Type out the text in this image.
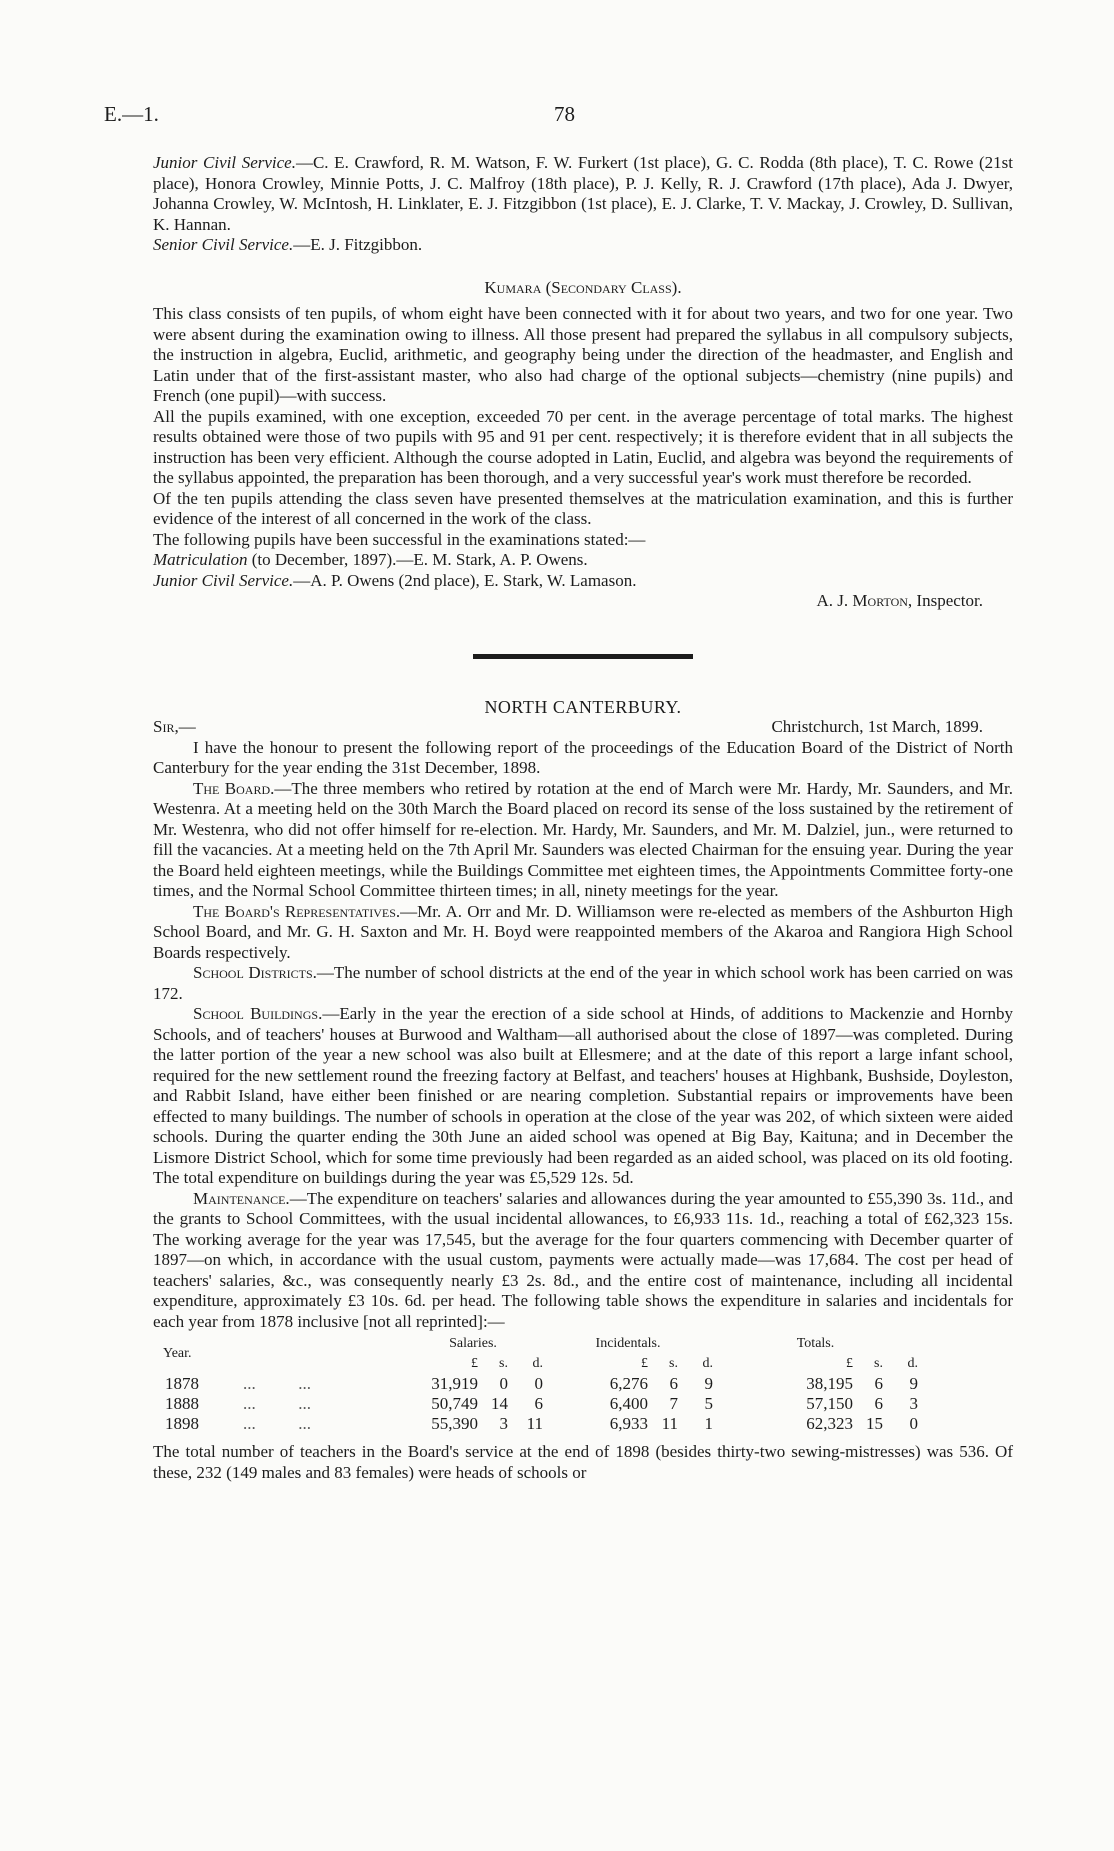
E.—1.	78

Junior Civil Service.—C. E. Crawford, R. M. Watson, F. W. Furkert (1st place), G. C. Rodda (8th place), T. C. Rowe (21st place), Honora Crowley, Minnie Potts, J. C. Malfroy (18th place), P. J. Kelly, R. J. Crawford (17th place), Ada J. Dwyer, Johanna Crowley, W. McIntosh, H. Linklater, E. J. Fitzgibbon (1st place), E. J. Clarke, T. V. Mackay, J. Crowley, D. Sullivan, K. Hannan.

Senior Civil Service.—E. J. Fitzgibbon.

Kumara (Secondary Class).

This class consists of ten pupils, of whom eight have been connected with it for about two years, and two for one year. Two were absent during the examination owing to illness. All those present had prepared the syllabus in all compulsory subjects, the instruction in algebra, Euclid, arithmetic, and geography being under the direction of the headmaster, and English and Latin under that of the first-assistant master, who also had charge of the optional subjects—chemistry (nine pupils) and French (one pupil)—with success.

All the pupils examined, with one exception, exceeded 70 per cent. in the average percentage of total marks. The highest results obtained were those of two pupils with 95 and 91 per cent. respectively; it is therefore evident that in all subjects the instruction has been very efficient. Although the course adopted in Latin, Euclid, and algebra was beyond the requirements of the syllabus appointed, the preparation has been thorough, and a very successful year's work must therefore be recorded.

Of the ten pupils attending the class seven have presented themselves at the matriculation examination, and this is further evidence of the interest of all concerned in the work of the class.

The following pupils have been successful in the examinations stated:—

Matriculation (to December, 1897).—E. M. Stark, A. P. Owens.

Junior Civil Service.—A. P. Owens (2nd place), E. Stark, W. Lamason.

A. J. Morton, Inspector.

NORTH CANTERBURY.

Sir,—	Christchurch, 1st March, 1899.

I have the honour to present the following report of the proceedings of the Education Board of the District of North Canterbury for the year ending the 31st December, 1898.

The Board.—The three members who retired by rotation at the end of March were Mr. Hardy, Mr. Saunders, and Mr. Westenra. At a meeting held on the 30th March the Board placed on record its sense of the loss sustained by the retirement of Mr. Westenra, who did not offer himself for re-election. Mr. Hardy, Mr. Saunders, and Mr. M. Dalziel, jun., were returned to fill the vacancies. At a meeting held on the 7th April Mr. Saunders was elected Chairman for the ensuing year. During the year the Board held eighteen meetings, while the Buildings Committee met eighteen times, the Appointments Committee forty-one times, and the Normal School Committee thirteen times; in all, ninety meetings for the year.

The Board's Representatives.—Mr. A. Orr and Mr. D. Williamson were re-elected as members of the Ashburton High School Board, and Mr. G. H. Saxton and Mr. H. Boyd were reappointed members of the Akaroa and Rangiora High School Boards respectively.

School Districts.—The number of school districts at the end of the year in which school work has been carried on was 172.

School Buildings.—Early in the year the erection of a side school at Hinds, of additions to Mackenzie and Hornby Schools, and of teachers' houses at Burwood and Waltham—all authorised about the close of 1897—was completed. During the latter portion of the year a new school was also built at Ellesmere; and at the date of this report a large infant school, required for the new settlement round the freezing factory at Belfast, and teachers' houses at Highbank, Bushside, Doyleston, and Rabbit Island, have either been finished or are nearing completion. Substantial repairs or improvements have been effected to many buildings. The number of schools in operation at the close of the year was 202, of which sixteen were aided schools. During the quarter ending the 30th June an aided school was opened at Big Bay, Kaituna; and in December the Lismore District School, which for some time previously had been regarded as an aided school, was placed on its old footing. The total expenditure on buildings during the year was £5,529 12s. 5d.

Maintenance.—The expenditure on teachers' salaries and allowances during the year amounted to £55,390 3s. 11d., and the grants to School Committees, with the usual incidental allowances, to £6,933 11s. 1d., reaching a total of £62,323 15s. The working average for the year was 17,545, but the average for the four quarters commencing with December quarter of 1897—on which, in accordance with the usual custom, payments were actually made—was 17,684. The cost per head of teachers' salaries, &c., was consequently nearly £3 2s. 8d., and the entire cost of maintenance, including all incidental expenditure, approximately £3 10s. 6d. per head. The following table shows the expenditure in salaries and incidentals for each year from 1878 inclusive [not all reprinted]:—

Year.		Salaries.			Incidentals.			Totals.			
		£	s.	d.	£	s.	d.	£	s.	d.	
1878	... ...	31,919	0	0	6,276	6	9	38,195	6	9	
1888	... ...	50,749	14	6	6,400	7	5	57,150	6	3	
1898	... ...	55,390	3	11	6,933	11	1	62,323	15	0	

The total number of teachers in the Board's service at the end of 1898 (besides thirty-two sewing-mistresses) was 536. Of these, 232 (149 males and 83 females) were heads of schools or
